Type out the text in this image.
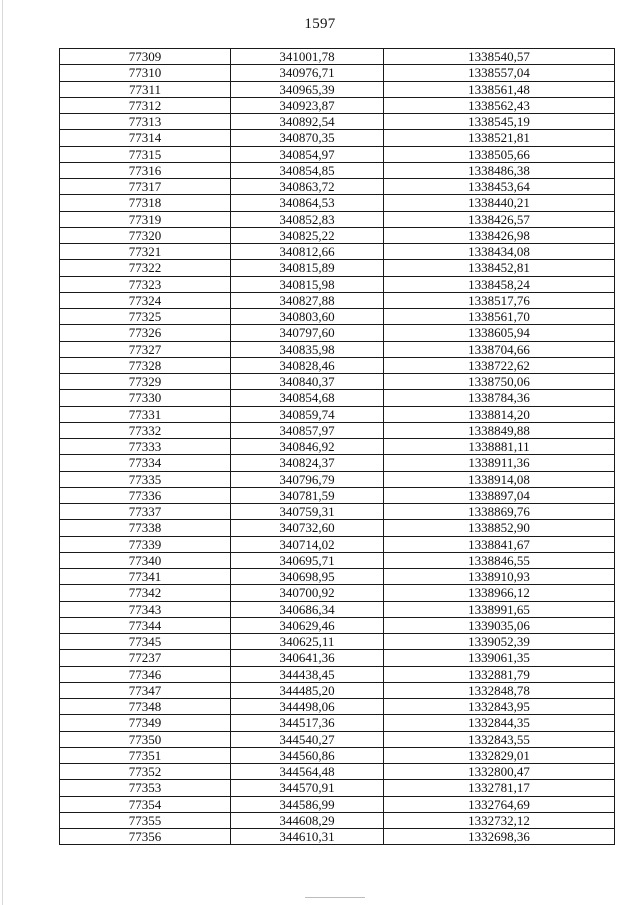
1597
77309	341001,78	1338540,57
77310	340976,71	1338557,04
77311	340965,39	1338561,48
77312	340923,87	1338562,43
77313	340892,54	1338545,19
77314	340870,35	1338521,81
77315	340854,97	1338505,66
77316	340854,85	1338486,38
77317	340863,72	1338453,64
77318	340864,53	1338440,21
77319	340852,83	1338426,57
77320	340825,22	1338426,98
77321	340812,66	1338434,08
77322	340815,89	1338452,81
77323	340815,98	1338458,24
77324	340827,88	1338517,76
77325	340803,60	1338561,70
77326	340797,60	1338605,94
77327	340835,98	1338704,66
77328	340828,46	1338722,62
77329	340840,37	1338750,06
77330	340854,68	1338784,36
77331	340859,74	1338814,20
77332	340857,97	1338849,88
77333	340846,92	1338881,11
77334	340824,37	1338911,36
77335	340796,79	1338914,08
77336	340781,59	1338897,04
77337	340759,31	1338869,76
77338	340732,60	1338852,90
77339	340714,02	1338841,67
77340	340695,71	1338846,55
77341	340698,95	1338910,93
77342	340700,92	1338966,12
77343	340686,34	1338991,65
77344	340629,46	1339035,06
77345	340625,11	1339052,39
77237	340641,36	1339061,35
77346	344438,45	1332881,79
77347	344485,20	1332848,78
77348	344498,06	1332843,95
77349	344517,36	1332844,35
77350	344540,27	1332843,55
77351	344560,86	1332829,01
77352	344564,48	1332800,47
77353	344570,91	1332781,17
77354	344586,99	1332764,69
77355	344608,29	1332732,12
77356	344610,31	1332698,36
